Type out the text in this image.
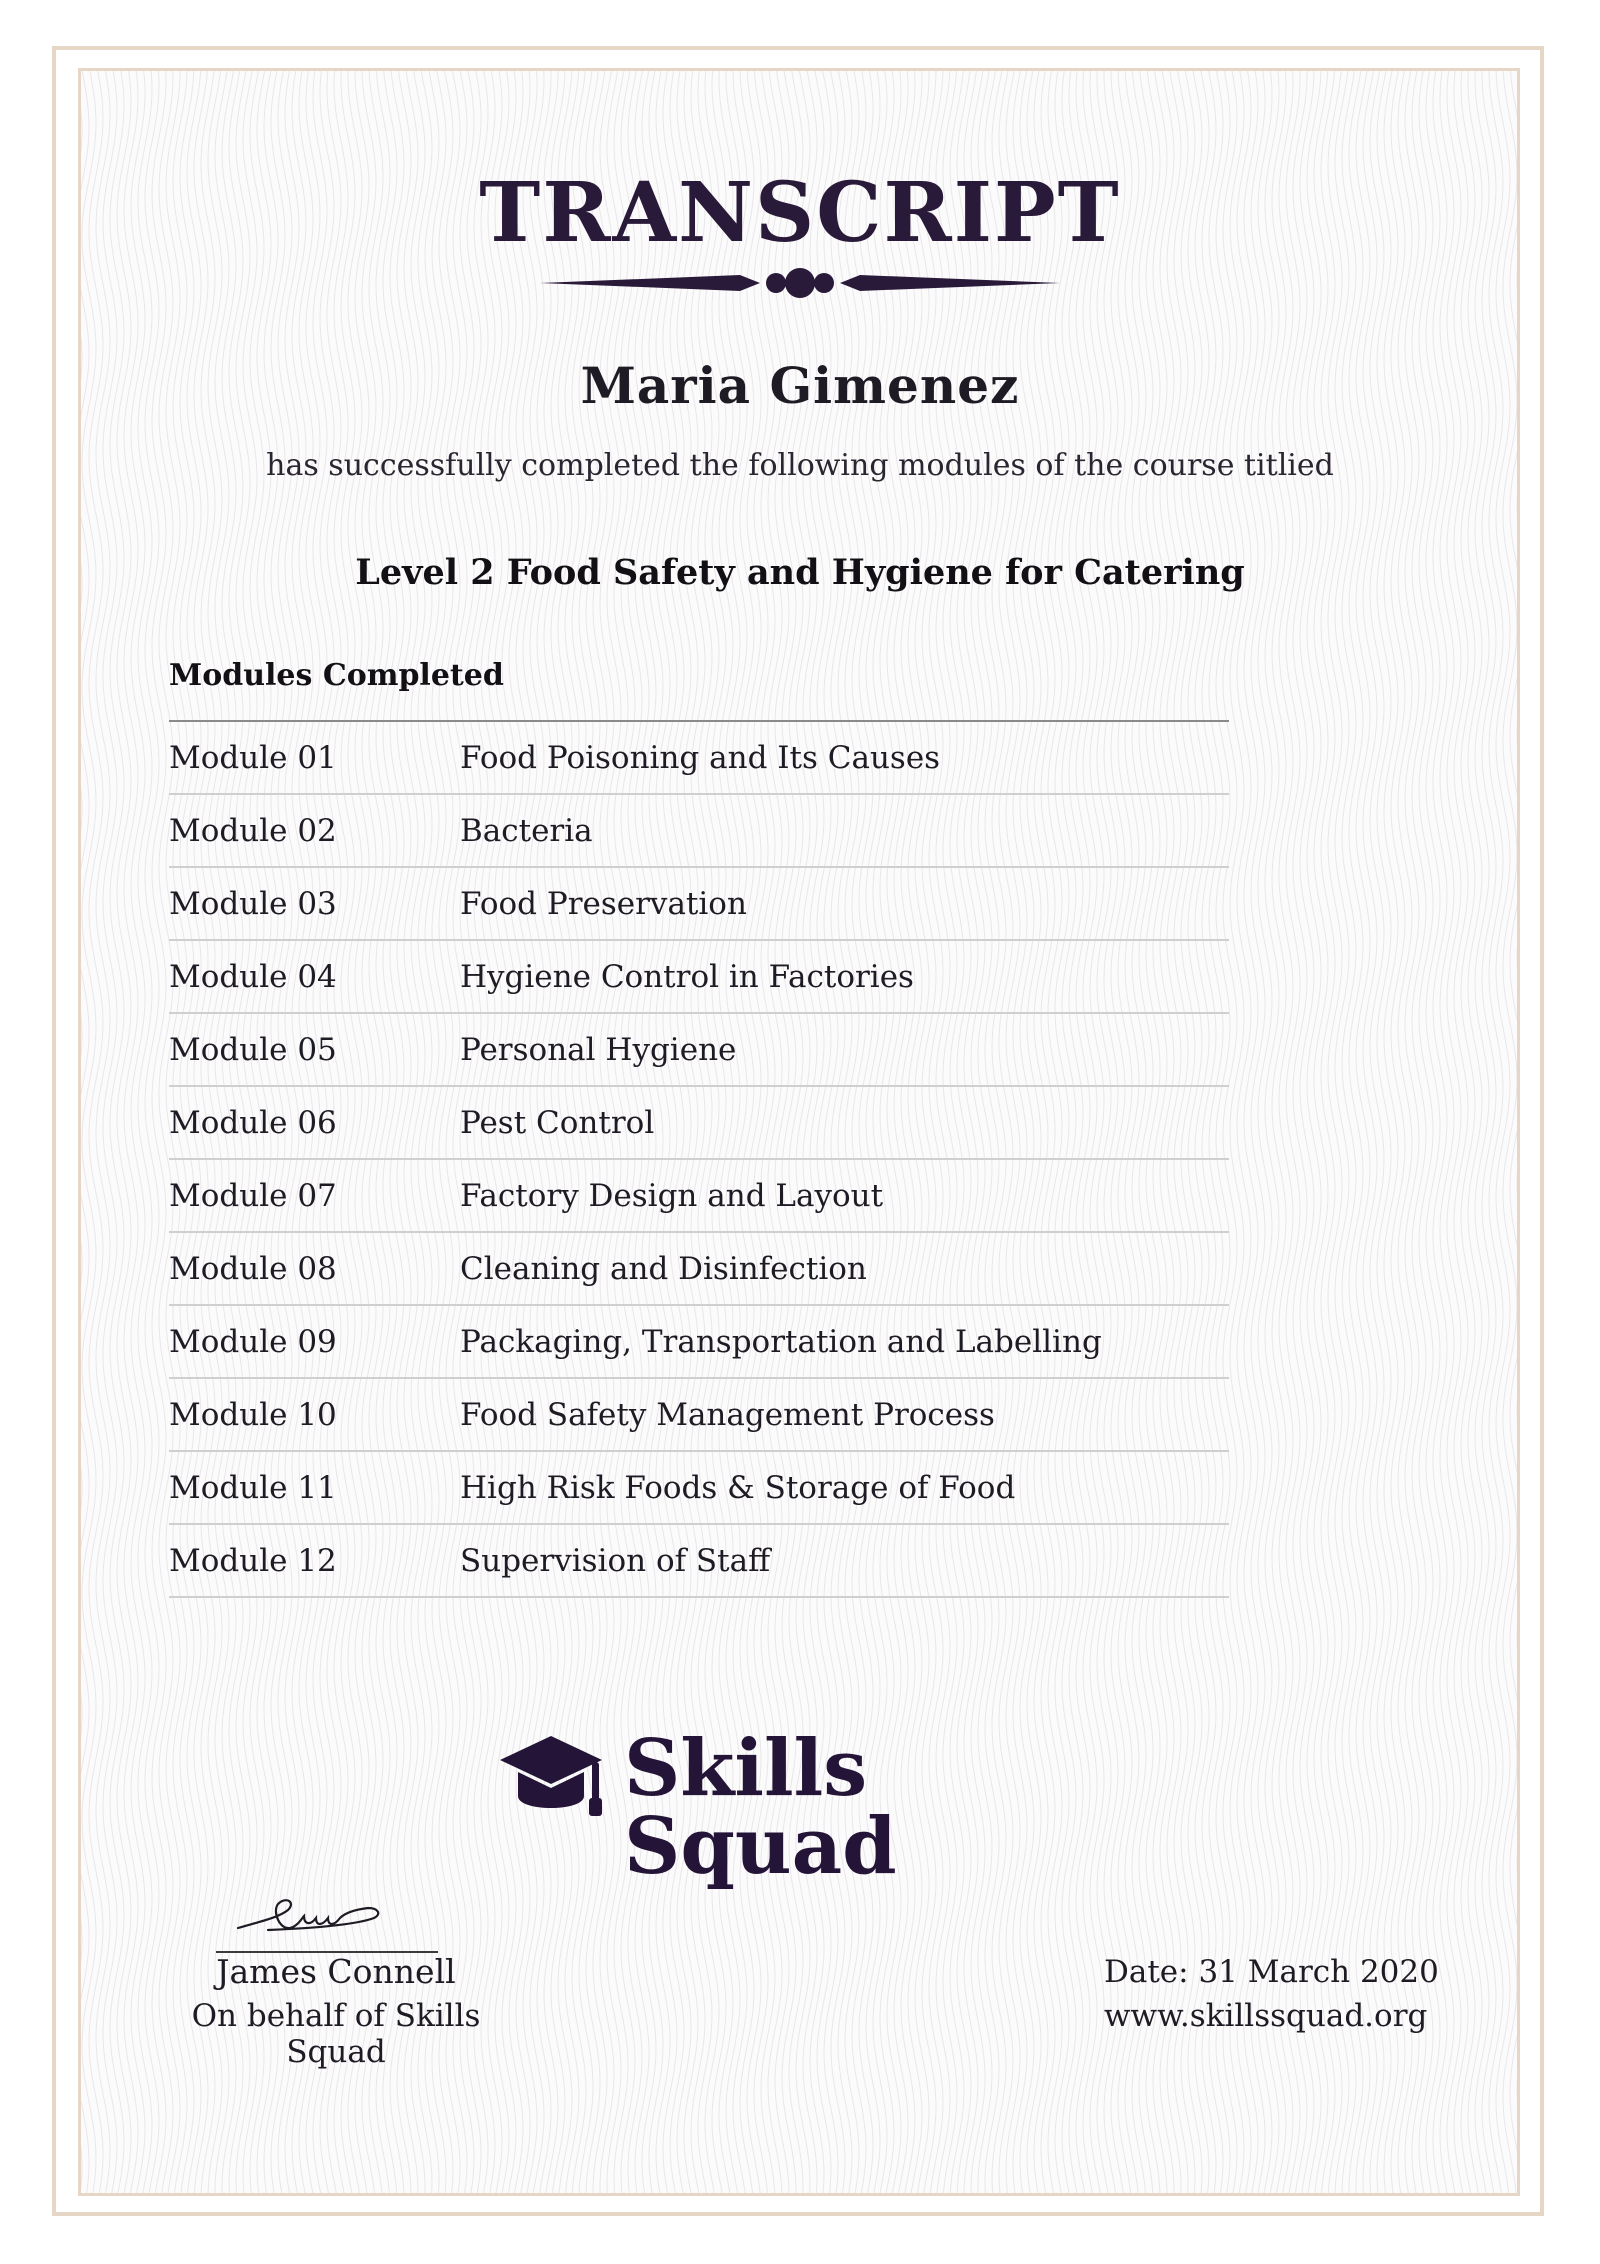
TRANSCRIPT
Maria Gimenez
has successfully completed the following modules of the course titlied
Level 2 Food Safety and Hygiene for Catering
Modules Completed
Module 01	Food Poisoning and Its Causes
Module 02	Bacteria
Module 03	Food Preservation
Module 04	Hygiene Control in Factories
Module 05	Personal Hygiene
Module 06	Pest Control
Module 07	Factory Design and Layout
Module 08	Cleaning and Disinfection
Module 09	Packaging, Transportation and Labelling
Module 10	Food Safety Management Process
Module 11	High Risk Foods & Storage of Food
Module 12	Supervision of Staff
Skills Squad
James Connell
On behalf of Skills Squad
Date: 31 March 2020
www.skillssquad.org
